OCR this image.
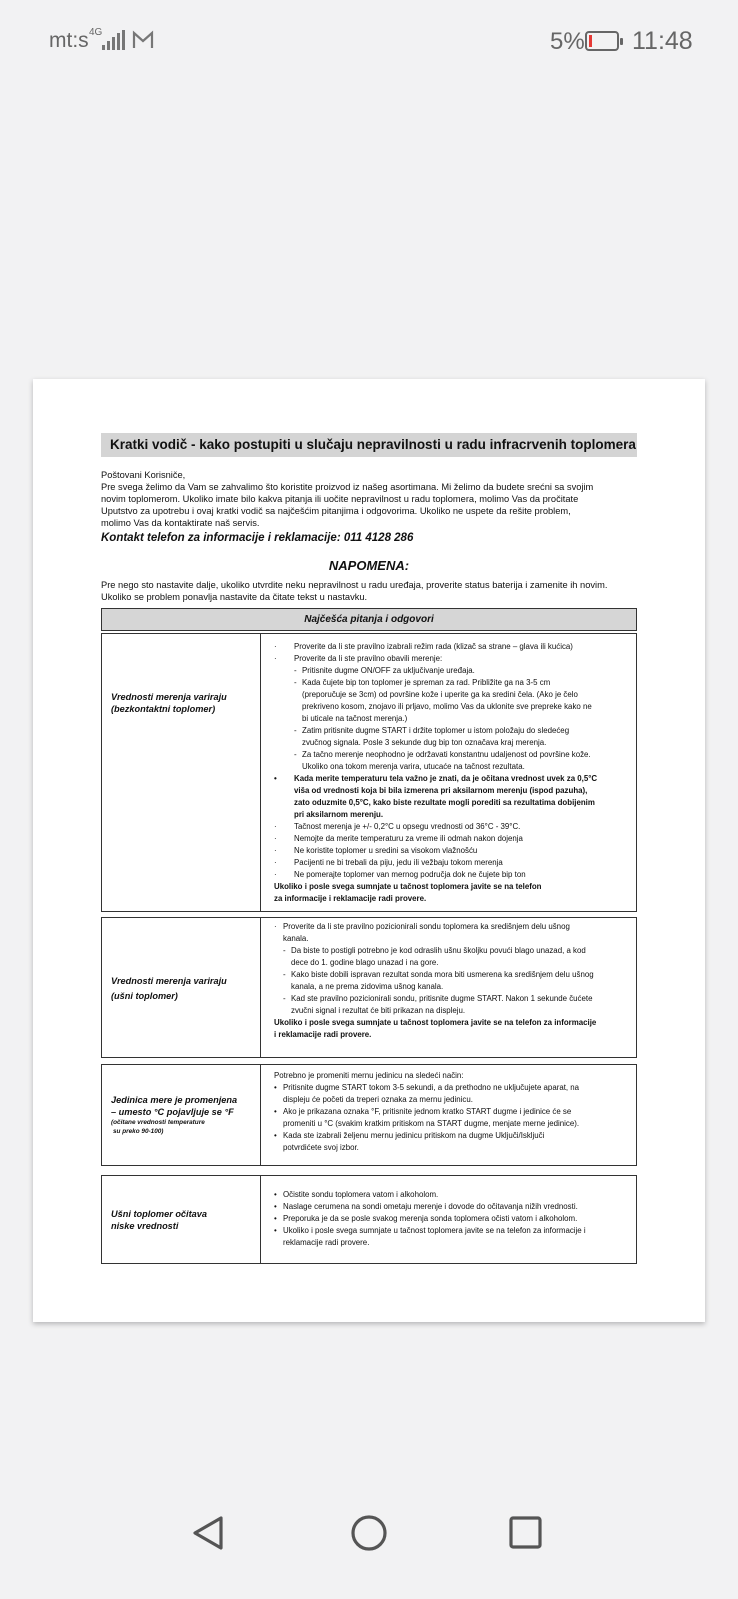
mt:s 4G	5% 11:48
Kratki vodič - kako postupiti u slučaju nepravilnosti u radu infracrvenih toplomera
Poštovani Korisniče,
Pre svega želimo da Vam se zahvalimo što koristite proizvod iz našeg asortimana. Mi želimo da budete srećni sa svojim
novim toplomerom. Ukoliko imate bilo kakva pitanja ili uočite nepravilnost u radu toplomera, molimo Vas da pročitate
Uputstvo za upotrebu i ovaj kratki vodič sa najčešćim pitanjima i odgovorima. Ukoliko ne uspete da rešite problem,
molimo Vas da kontaktirate naš servis.
Kontakt telefon za informacije i reklamacije: 011 4128 286
NAPOMENA:
Pre nego sto nastavite dalje, ukoliko utvrdite neku nepravilnost u radu uređaja, proverite status baterija i zamenite ih novim.
Ukoliko se problem ponavlja nastavite da čitate tekst u nastavku.
Najčešća pitanja i odgovori
Vrednosti merenja variraju
(bezkontaktni toplomer)
· Proverite da li ste pravilno izabrali režim rada (klizač sa strane – glava ili kućica)
· Proverite da li ste pravilno obavili merenje:
- Pritisnite dugme ON/OFF za uključivanje uređaja.
- Kada čujete bip ton toplomer je spreman za rad. Približite ga na 3-5 cm
(preporučuje se 3cm) od površine kože i uperite ga ka sredini čela. (Ako je čelo
prekriveno kosom, znojavo ili prljavo, molimo Vas da uklonite sve prepreke kako ne
bi uticale na tačnost merenja.)
- Zatim pritisnite dugme START i držite toplomer u istom položaju do sledećeg
zvučnog signala. Posle 3 sekunde dug bip ton označava kraj merenja.
- Za tačno merenje neophodno je održavati konstantnu udaljenost od površine kože.
Ukoliko ona tokom merenja varira, utucaće na tačnost rezultata.
• Kada merite temperaturu tela važno je znati, da je očitana vrednost uvek za 0,5°C
viša od vrednosti koja bi bila izmerena pri aksilarnom merenju (ispod pazuha),
zato oduzmite 0,5°C, kako biste rezultate mogli porediti sa rezultatima dobijenim
pri aksilarnom merenju.
· Tačnost merenja je +/- 0,2°C u opsegu vrednosti od 36°C - 39°C.
· Nemojte da merite temperaturu za vreme ili odmah nakon dojenja
· Ne koristite toplomer u sredini sa visokom vlažnošću
· Pacijenti ne bi trebali da piju, jedu ili vežbaju tokom merenja
· Ne pomerajte toplomer van mernog područja dok ne čujete bip ton
Ukoliko i posle svega sumnjate u tačnost toplomera javite se na telefon
za informacije i reklamacije radi provere.
Vrednosti merenja variraju
(ušni toplomer)
· Proverite da li ste pravilno pozicionirali sondu toplomera ka središnjem delu ušnog
kanala.
- Da biste to postigli potrebno je kod odraslih ušnu školjku povući blago unazad, a kod
dece do 1. godine blago unazad i na gore.
- Kako biste dobili ispravan rezultat sonda mora biti usmerena ka središnjem delu ušnog
kanala, a ne prema zidovima ušnog kanala.
- Kad ste pravilno pozicionirali sondu, pritisnite dugme START. Nakon 1 sekunde čućete
zvučni signal i rezultat će biti prikazan na displeju.
Ukoliko i posle svega sumnjate u tačnost toplomera javite se na telefon za informacije
i reklamacije radi provere.
Jedinica mere je promenjena
– umesto °C pojavljuje se °F
(očitane vrednosti temperature
su preko 90-100)
Potrebno je promeniti mernu jedinicu na sledeći način:
• Pritisnite dugme START tokom 3-5 sekundi, a da prethodno ne uključujete aparat, na
displeju će početi da treperi oznaka za mernu jedinicu.
• Ako je prikazana oznaka °F, pritisnite jednom kratko START dugme i jedinice će se
promeniti u °C (svakim kratkim pritiskom na START dugme, menjate merne jedinice).
• Kada ste izabrali željenu mernu jedinicu pritiskom na dugme Uključi/Isključi
potvrdićete svoj izbor.
Ušni toplomer očitava
niske vrednosti
• Očistite sondu toplomera vatom i alkoholom.
• Naslage cerumena na sondi ometaju merenje i dovode do očitavanja nižih vrednosti.
• Preporuka je da se posle svakog merenja sonda toplomera očisti vatom i alkoholom.
• Ukoliko i posle svega sumnjate u tačnost toplomera javite se na telefon za informacije i
reklamacije radi provere.
